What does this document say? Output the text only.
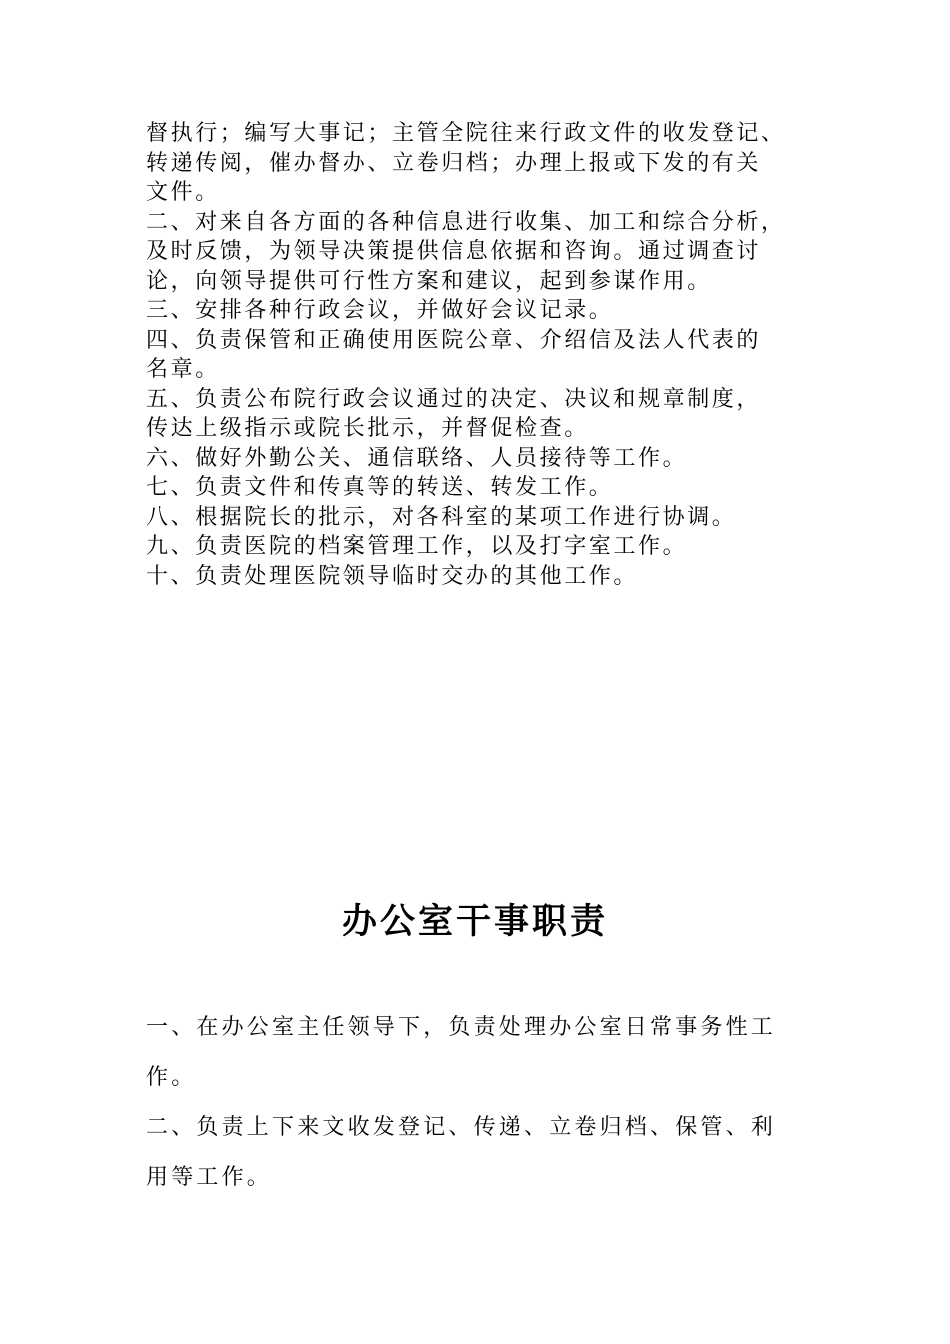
督执行；编写大事记；主管全院往来行政文件的收发登记、
转递传阅，催办督办、立卷归档；办理上报或下发的有关
文件。
二、对来自各方面的各种信息进行收集、加工和综合分析，
及时反馈，为领导决策提供信息依据和咨询。通过调查讨
论，向领导提供可行性方案和建议，起到参谋作用。
三、安排各种行政会议，并做好会议记录。
四、负责保管和正确使用医院公章、介绍信及法人代表的
名章。
五、负责公布院行政会议通过的决定、决议和规章制度，
传达上级指示或院长批示，并督促检查。
六、做好外勤公关、通信联络、人员接待等工作。
七、负责文件和传真等的转送、转发工作。
八、根据院长的批示，对各科室的某项工作进行协调。
九、负责医院的档案管理工作，以及打字室工作。
十、负责处理医院领导临时交办的其他工作。
办公室干事职责
一、在办公室主任领导下，负责处理办公室日常事务性工
作。
二、负责上下来文收发登记、传递、立卷归档、保管、利
用等工作。
